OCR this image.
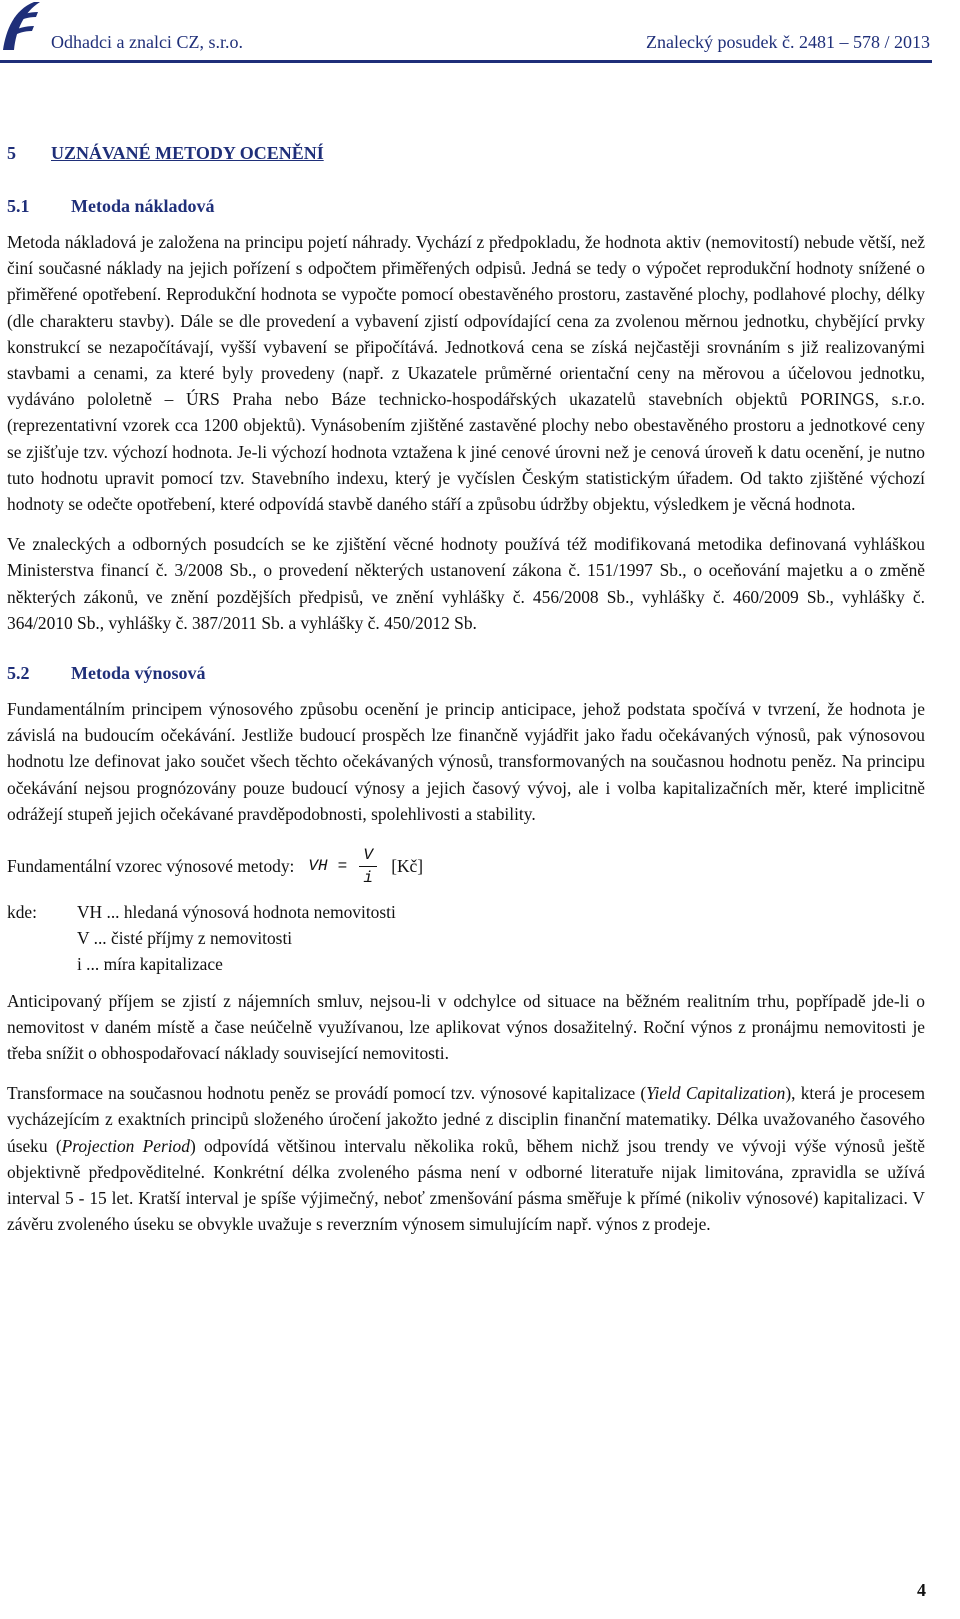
Odhadci a znalci CZ, s.r.o.	Znalecký posudek č. 2481 – 578 / 2013
5 UZNÁVANÉ METODY OCENĚNÍ
5.1 Metoda nákladová

Metoda nákladová je založena na principu pojetí náhrady. Vychází z předpokladu, že hodnota aktiv (nemovitostí) nebude větší, než činí současné náklady na jejich pořízení s odpočtem přiměřených odpisů. Jedná se tedy o výpočet reprodukční hodnoty snížené o přiměřené opotřebení. Reprodukční hodnota se vypočte pomocí obestavěného prostoru, zastavěné plochy, podlahové plochy, délky (dle charakteru stavby). Dále se dle provedení a vybavení zjistí odpovídající cena za zvolenou měrnou jednotku, chybějící prvky konstrukcí se nezapočítávají, vyšší vybavení se připočítává. Jednotková cena se získá nejčastěji srovnáním s již realizovanými stavbami a cenami, za které byly provedeny (např. z Ukazatele průměrné orientační ceny na měrovou a účelovou jednotku, vydáváno pololetně – ÚRS Praha nebo Báze technicko-hospodářských ukazatelů stavebních objektů PORINGS, s.r.o. (reprezentativní vzorek cca 1200 objektů). Vynásobením zjištěné zastavěné plochy nebo obestavěného prostoru a jednotkové ceny se zjišťuje tzv. výchozí hodnota. Je-li výchozí hodnota vztažena k jiné cenové úrovni než je cenová úroveň k datu ocenění, je nutno tuto hodnotu upravit pomocí tzv. Stavebního indexu, který je vyčíslen Českým statistickým úřadem. Od takto zjištěné výchozí hodnoty se odečte opotřebení, které odpovídá stavbě daného stáří a způsobu údržby objektu, výsledkem je věcná hodnota.

Ve znaleckých a odborných posudcích se ke zjištění věcné hodnoty používá též modifikovaná metodika definovaná vyhláškou Ministerstva financí č. 3/2008 Sb., o provedení některých ustanovení zákona č. 151/1997 Sb., o oceňování majetku a o změně některých zákonů, ve znění pozdějších předpisů, ve znění vyhlášky č. 456/2008 Sb., vyhlášky č. 460/2009 Sb., vyhlášky č. 364/2010 Sb., vyhlášky č. 387/2011 Sb. a vyhlášky č. 450/2012 Sb.

5.2 Metoda výnosová

Fundamentálním principem výnosového způsobu ocenění je princip anticipace, jehož podstata spočívá v tvrzení, že hodnota je závislá na budoucím očekávání. Jestliže budoucí prospěch lze finančně vyjádřit jako řadu očekávaných výnosů, pak výnosovou hodnotu lze definovat jako součet všech těchto očekávaných výnosů, transformovaných na současnou hodnotu peněz. Na principu očekávání nejsou prognózovány pouze budoucí výnosy a jejich časový vývoj, ale i volba kapitalizačních měr, které implicitně odrážejí stupeň jejich očekávané pravděpodobnosti, spolehlivosti a stability.

Fundamentální vzorec výnosové metody: VH = $\frac{V}{i}$ [Kč]
kde:	VH ... hledaná výnosová hodnota nemovitosti
V ... čisté příjmy z nemovitosti
i ... míra kapitalizace

Anticipovaný příjem se zjistí z nájemních smluv, nejsou-li v odchylce od situace na běžném realitním trhu, popřípadě jde-li o nemovitost v daném místě a čase neúčelně využívanou, lze aplikovat výnos dosažitelný. Roční výnos z pronájmu nemovitosti je třeba snížit o obhospodařovací náklady související nemovitosti.

Transformace na současnou hodnotu peněz se provádí pomocí tzv. výnosové kapitalizace (Yield Capitalization), která je procesem vycházejícím z exaktních principů složeného úročení jakožto jedné z disciplin finanční matematiky. Délka uvažovaného časového úseku (Projection Period) odpovídá většinou intervalu několika roků, během nichž jsou trendy ve vývoji výše výnosů ještě objektivně předpověditelné. Konkrétní délka zvoleného pásma není v odborné literatuře nijak limitována, zpravidla se užívá interval 5 - 15 let. Kratší interval je spíše výjimečný, neboť zmenšování pásma směřuje k přímé (nikoliv výnosové) kapitalizaci. V závěru zvoleného úseku se obvykle uvažuje s reverzním výnosem simulujícím např. výnos z prodeje.

4
